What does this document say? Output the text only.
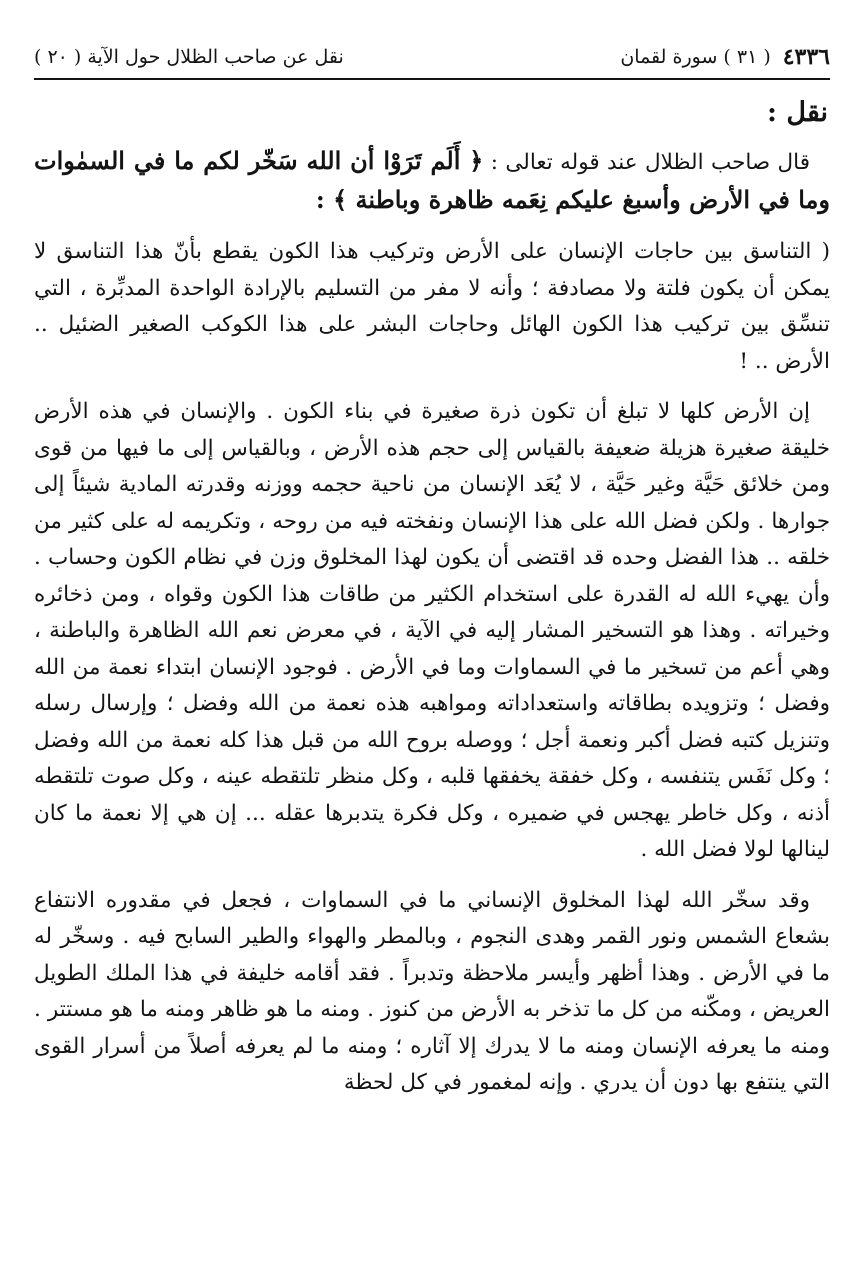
٤٣٣٦
( ٣١ ) سورة لقمان
نقل عن صاحب الظلال حول الآية ( ٢٠ )
نقل :

قال صاحب الظلال عند قوله تعالى : ﴿ أَلَم تَرَوْا أن الله سَخّر لكم ما في السمٰوات وما في الأرض وأسبغ عليكم نِعَمه ظاهرة وباطنة ﴾ :

( التناسق بين حاجات الإنسان على الأرض وتركيب هذا الكون يقطع بأنّ هذا التناسق لا يمكن أن يكون فلتة ولا مصادفة ؛ وأنه لا مفر من التسليم بالإرادة الواحدة المدبِّرة ، التي تنسِّق بين تركيب هذا الكون الهائل وحاجات البشر على هذا الكوكب الصغير الضئيل .. الأرض .. !

إن الأرض كلها لا تبلغ أن تكون ذرة صغيرة في بناء الكون . والإنسان في هذه الأرض خليقة صغيرة هزيلة ضعيفة بالقياس إلى حجم هذه الأرض ، وبالقياس إلى ما فيها من قوى ومن خلائق حَيَّة وغير حَيَّة ، لا يُعَد الإنسان من ناحية حجمه ووزنه وقدرته المادية شيئاً إلى جوارها . ولكن فضل الله على هذا الإنسان ونفخته فيه من روحه ، وتكريمه له على كثير من خلقه .. هذا الفضل وحده قد اقتضى أن يكون لهذا المخلوق وزن في نظام الكون وحساب . وأن يهيء الله له القدرة على استخدام الكثير من طاقات هذا الكون وقواه ، ومن ذخائره وخيراته . وهذا هو التسخير المشار إليه في الآية ، في معرض نعم الله الظاهرة والباطنة ، وهي أعم من تسخير ما في السماوات وما في الأرض . فوجود الإنسان ابتداء نعمة من الله وفضل ؛ وتزويده بطاقاته واستعداداته ومواهبه هذه نعمة من الله وفضل ؛ وإرسال رسله وتنزيل كتبه فضل أكبر ونعمة أجل ؛ ووصله بروح الله من قبل هذا كله نعمة من الله وفضل ؛ وكل نَفَس يتنفسه ، وكل خفقة يخفقها قلبه ، وكل منظر تلتقطه عينه ، وكل صوت تلتقطه أذنه ، وكل خاطر يهجس في ضميره ، وكل فكرة يتدبرها عقله ... إن هي إلا نعمة ما كان لينالها لولا فضل الله .

وقد سخّر الله لهذا المخلوق الإنساني ما في السماوات ، فجعل في مقدوره الانتفاع بشعاع الشمس ونور القمر وهدى النجوم ، وبالمطر والهواء والطير السابح فيه . وسخّر له ما في الأرض . وهذا أظهر وأيسر ملاحظة وتدبراً . فقد أقامه خليفة في هذا الملك الطويل العريض ، ومكّنه من كل ما تذخر به الأرض من كنوز . ومنه ما هو ظاهر ومنه ما هو مستتر . ومنه ما يعرفه الإنسان ومنه ما لا يدرك إلا آثاره ؛ ومنه ما لم يعرفه أصلاً من أسرار القوى التي ينتفع بها دون أن يدري . وإنه لمغمور في كل لحظة
